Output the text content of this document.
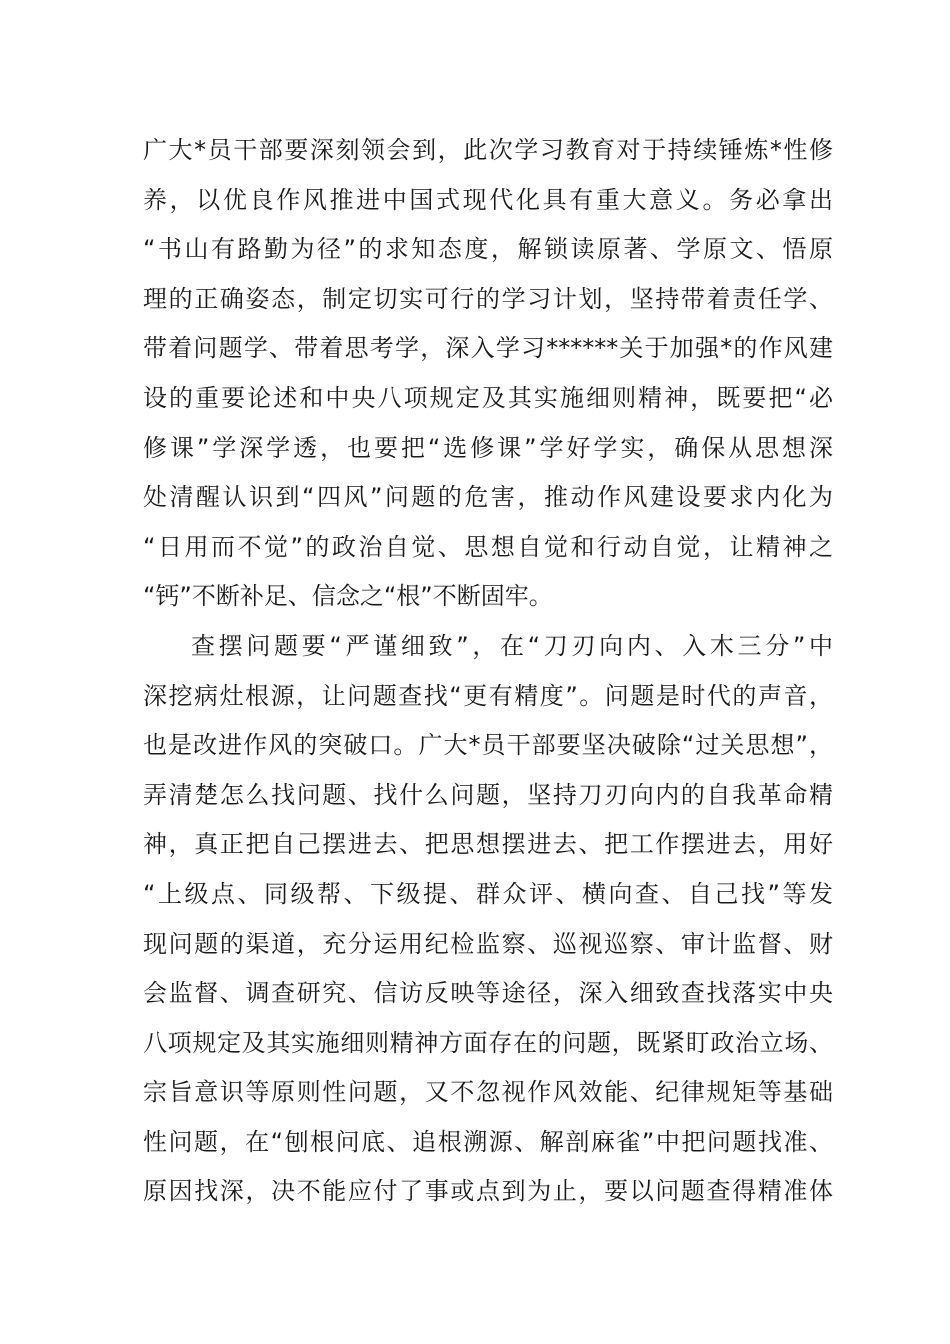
广大*员干部要深刻领会到，此次学习教育对于持续锤炼*性修
养，以优良作风推进中国式现代化具有重大意义。务必拿出
“书山有路勤为径”的求知态度，解锁读原著、学原文、悟原
理的正确姿态，制定切实可行的学习计划，坚持带着责任学、
带着问题学、带着思考学，深入学习******关于加强*的作风建
设的重要论述和中央八项规定及其实施细则精神，既要把“必
修课”学深学透，也要把“选修课”学好学实，确保从思想深
处清醒认识到“四风”问题的危害，推动作风建设要求内化为
“日用而不觉”的政治自觉、思想自觉和行动自觉，让精神之
“钙”不断补足、信念之“根”不断固牢。
查摆问题要“严谨细致”，在“刀刃向内、入木三分”中
深挖病灶根源，让问题查找“更有精度”。问题是时代的声音，
也是改进作风的突破口。广大*员干部要坚决破除“过关思想”，
弄清楚怎么找问题、找什么问题，坚持刀刃向内的自我革命精
神，真正把自己摆进去、把思想摆进去、把工作摆进去，用好
“上级点、同级帮、下级提、群众评、横向查、自己找”等发
现问题的渠道，充分运用纪检监察、巡视巡察、审计监督、财
会监督、调查研究、信访反映等途径，深入细致查找落实中央
八项规定及其实施细则精神方面存在的问题，既紧盯政治立场、
宗旨意识等原则性问题，又不忽视作风效能、纪律规矩等基础
性问题，在“刨根问底、追根溯源、解剖麻雀”中把问题找准、
原因找深，决不能应付了事或点到为止，要以问题查得精准体
